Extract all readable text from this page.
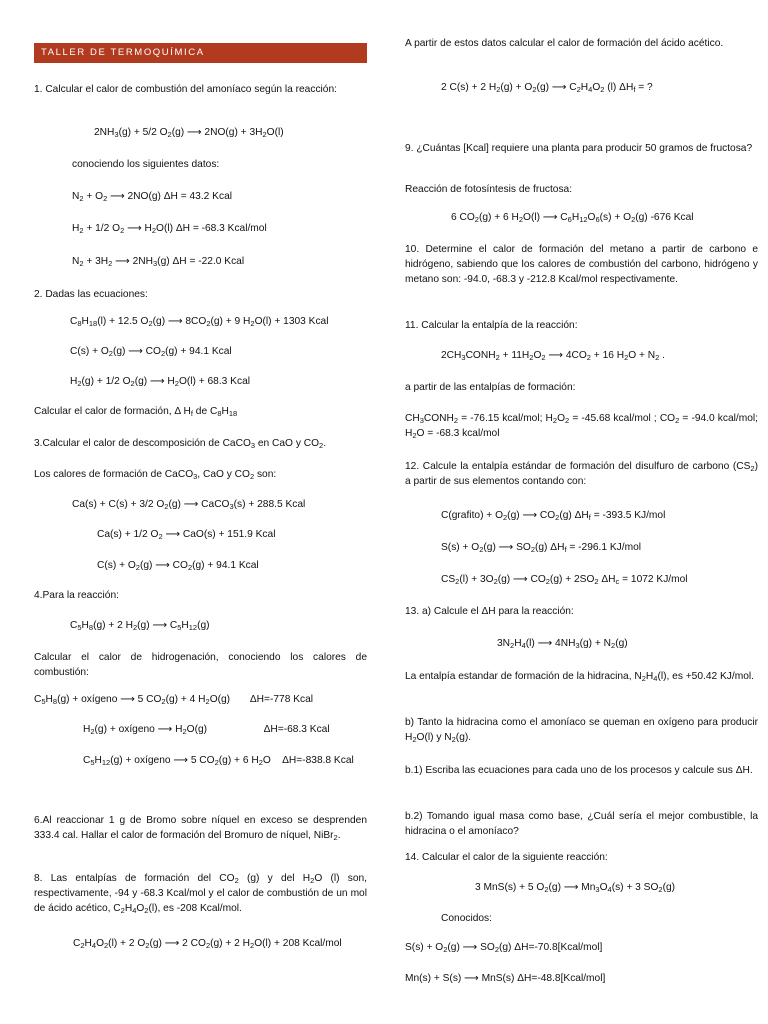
TALLER DE TERMOQUÍMICA
1. Calcular el calor de combustión del amoníaco según la reacción:
$2NH_3(g) + 5/2$ $O_2(g)$ ⟶ $2NO(g) + 3H_2O(l)$
conociendo los siguientes datos:
$N_2 + O_2$ ⟶ 2NO(g) ΔH = 43.2 Kcal
$H_2 + 1/2$ $O_2$ ⟶ $H_2O(l) \Delta H = -68.3$ Kcal/mol
$N_2 + 3H_2$ ⟶ $2NH_3(g) \Delta H = -22.0$ Kcal
2. Dadas las ecuaciones:
$C_8H_{18}(l) + 12.5$ $O_2(g)$ ⟶ $8CO_2(g) + 9$ $H_2O(l) + 1303$ Kcal
$C(s) + O_2(g)$ ⟶ $CO_2(g) + 94.1$ Kcal
$H_2(g) + 1/2$ $O_2(g)$ ⟶ $H_2O(l) + 68.3$ Kcal
Calcular el calor de formación, Δ $H_f$ de $C_8H_{18}$
3.Calcular el calor de descomposición de CaCO$_3$ en CaO y $CO_2$.
Los calores de formación de CaCO$_3$, CaO y $CO_2$ son:
Ca(s) + C(s) + 3/2 $O_2(g)$ ⟶ CaCO$_3$(s) + 288.5 Kcal
Ca(s) + 1/2 $O_2$ ⟶ CaO(s) + 151.9 Kcal
$C(s) + O_2(g)$ ⟶ $CO_2(g) + 94.1$ Kcal
4.Para la reacción:
$C_5H_8(g) + 2$ $H_2(g)$ ⟶ $C_5H_{12}(g)$
Calcular el calor de hidrogenación, conociendo los calores de combustión:
$C_5H_8(g)$ + oxígeno ⟶ 5 $CO_2(g) + 4$ $H_2O(g)$       ΔH=-778 Kcal
$H_2(g)$ + oxígeno ⟶ $H_2O(g)$                    ΔH=-68.3 Kcal
$C_5H_{12}(g)$ + oxígeno ⟶ 5 $CO_2(g) + 6$ $H_2O$    ΔH=-838.8 Kcal
6.Al reaccionar 1 g de Bromo sobre níquel en exceso se desprenden 333.4 cal. Hallar el calor de formación del Bromuro de níquel, NiBr$_2$.
8. Las entalpías de formación del $CO_2$ (g) y del $H_2O$ (l) son, respectivamente, -94 y -68.3 Kcal/mol y el calor de combustión de un mol de ácido acético, $C_2H_4O_2(l)$, es -208 Kcal/mol.
$C_2H_4O_2(l) + 2$ $O_2(g)$ ⟶ 2 $CO_2(g) + 2$ $H_2O(l) + 208$ Kcal/mol
A partir de estos datos calcular el calor de formación del ácido acético.
2 C(s) + 2 $H_2(g) + O_2(g)$ ⟶ $C_2H_4O_2$ (l) $\Delta H_f$ = ?
9. ¿Cuántas [Kcal] requiere una planta para producir 50 gramos de fructosa?
Reacción de fotosíntesis de fructosa:
6 $CO_2(g) + 6$ $H_2O(l)$ ⟶ $C_6H_{12}O_6(s) + O_2(g)$ -676 Kcal
10. Determine el calor de formación del metano a partir de carbono e hidrógeno, sabiendo que los calores de combustión del carbono, hidrógeno y metano son: -94.0, -68.3 y -212.8 Kcal/mol respectivamente.
11. Calcular la entalpía de la reacción:
$2CH_3CONH_2 + 11H_2O_2$ ⟶ $4CO_2 + 16$ $H_2O + N_2$ .
a partir de las entalpías de formación:
$CH_3CONH_2 = -76.15$ kcal/mol; $H_2O_2 = -45.68$ kcal/mol ; $CO_2 = -94.0$ kcal/mol; $H_2O = -68.3$ kcal/mol
12. Calcule la entalpía estándar de formación del disulfuro de carbono $(CS_2)$ a partir de sus elementos contando con:
C(grafito) + $O_2(g)$ ⟶ $CO_2(g) \Delta H_f = -393.5$ KJ/mol
$S(s) + O_2(g)$ ⟶ $SO_2(g) \Delta H_f = -296.1$ KJ/mol
$CS_2(l) + 3O_2(g)$ ⟶ $CO_2(g) + 2SO_2$ $\Delta H_c = 1072$ KJ/mol
13. a) Calcule el ΔH para la reacción:
$3N_2H_4(l)$ ⟶ $4NH_3(g) + N_2(g)$
La entalpía estandar de formación de la hidracina, $N_2H_4(l)$, es +50.42 KJ/mol.
b) Tanto la hidracina como el amoníaco se queman en oxígeno para producir $H_2O(l)$ y $N_2(g)$.
b.1) Escriba las ecuaciones para cada uno de los procesos y calcule sus ΔH.
b.2) Tomando igual masa como base, ¿Cuál sería el mejor combustible, la hidracina o el amoníaco?
14. Calcular el calor de la siguiente reacción:
3 MnS(s) + 5 $O_2(g)$ ⟶ $Mn_3O_4(s) + 3$ $SO_2(g)$
Conocidos:
$S(s) + O_2(g)$ ⟶ $SO_2(g)$ ΔH=-70.8[Kcal/mol]
Mn(s) + S(s) ⟶ MnS(s) ΔH=-48.8[Kcal/mol]
